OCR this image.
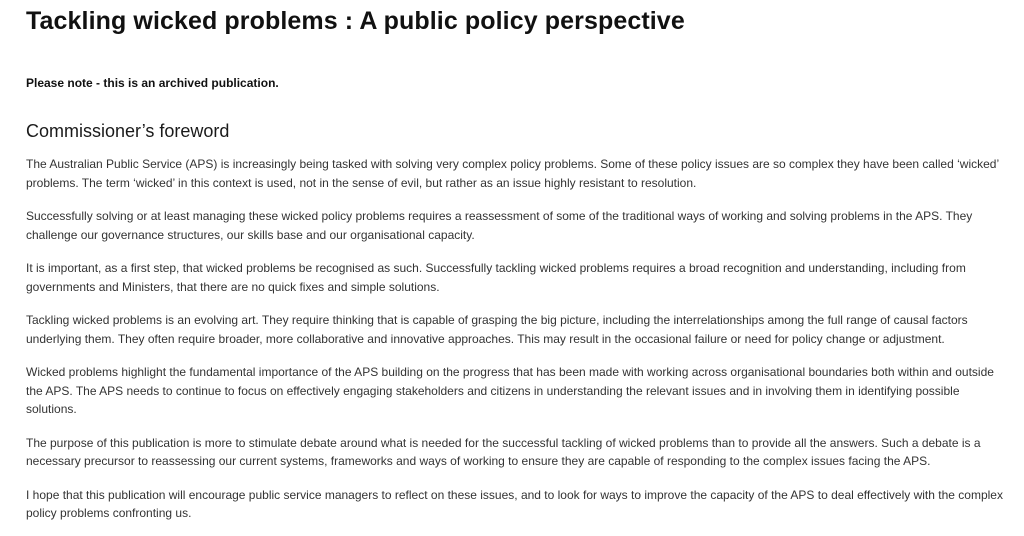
Tackling wicked problems : A public policy perspective

Please note - this is an archived publication.

Commissioner’s foreword

The Australian Public Service (APS) is increasingly being tasked with solving very complex policy problems. Some of these policy issues are so complex they have been called ‘wicked’ problems. The term ‘wicked’ in this context is used, not in the sense of evil, but rather as an issue highly resistant to resolution.

Successfully solving or at least managing these wicked policy problems requires a reassessment of some of the traditional ways of working and solving problems in the APS. They challenge our governance structures, our skills base and our organisational capacity.

It is important, as a first step, that wicked problems be recognised as such. Successfully tackling wicked problems requires a broad recognition and understanding, including from governments and Ministers, that there are no quick fixes and simple solutions.

Tackling wicked problems is an evolving art. They require thinking that is capable of grasping the big picture, including the interrelationships among the full range of causal factors underlying them. They often require broader, more collaborative and innovative approaches. This may result in the occasional failure or need for policy change or adjustment.

Wicked problems highlight the fundamental importance of the APS building on the progress that has been made with working across organisational boundaries both within and outside the APS. The APS needs to continue to focus on effectively engaging stakeholders and citizens in understanding the relevant issues and in involving them in identifying possible solutions.

The purpose of this publication is more to stimulate debate around what is needed for the successful tackling of wicked problems than to provide all the answers. Such a debate is a necessary precursor to reassessing our current systems, frameworks and ways of working to ensure they are capable of responding to the complex issues facing the APS.

I hope that this publication will encourage public service managers to reflect on these issues, and to look for ways to improve the capacity of the APS to deal effectively with the complex policy problems confronting us.
